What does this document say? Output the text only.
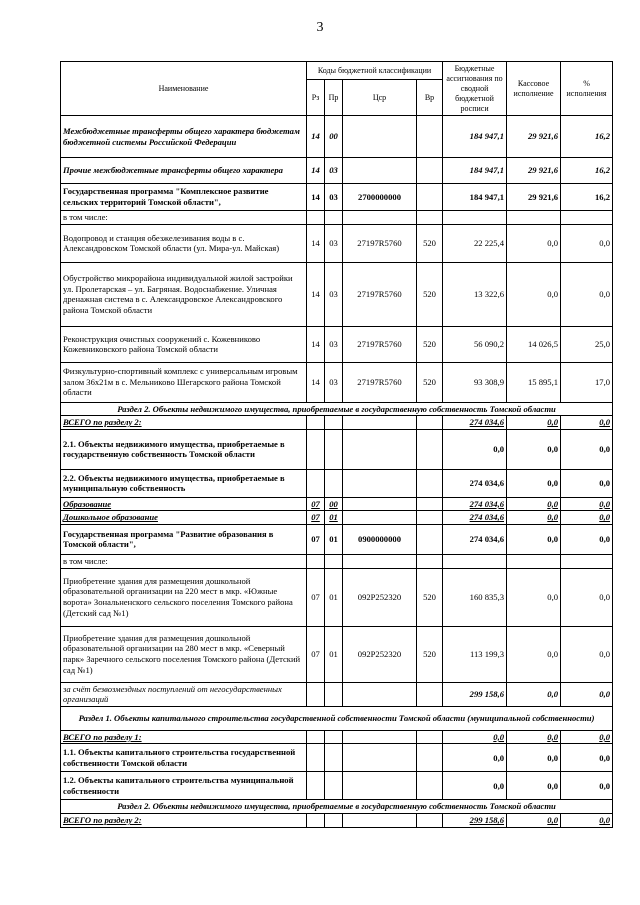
3
Наименование	Коды бюджетной классификации				Бюджетные ассигнования по сводной бюджетной росписи	Кассовое исполнение	% исполнения
	Рз	Пр	Цср	Вр			
Межбюджетные трансферты общего характера бюджетам бюджетной системы Российской Федерации	14	00			184 947,1	29 921,6	16,2
Прочие межбюджетные трансферты общего характера	14	03			184 947,1	29 921,6	16,2
Государственная программа "Комплексное развитие сельских территорий Томской области",	14	03	2700000000		184 947,1	29 921,6	16,2
в том числе:							
Водопровод и станция обезжелезивания воды в с. Александровском Томской области (ул. Мира-ул. Майская)	14	03	27197R5760	520	22 225,4	0,0	0,0
Обустройство микрорайона индивидуальной жилой застройки ул. Пролетарская – ул. Багряная. Водоснабжение. Уличная дренажная система в с. Александровское Александровского района Томской области	14	03	27197R5760	520	13 322,6	0,0	0,0
Реконструкция очистных сооружений с. Кожевниково Кожевниковского района Томской области	14	03	27197R5760	520	56 090,2	14 026,5	25,0
Физкультурно-спортивный комплекс с универсальным игровым залом 36х21м в с. Мельниково Шегарского района Томской области	14	03	27197R5760	520	93 308,9	15 895,1	17,0
Раздел 2. Объекты недвижимого имущества, приобретаемые в государственную собственность Томской области							
ВСЕГО по разделу 2:					274 034,6	0,0	0,0
2.1. Объекты недвижимого имущества, приобретаемые в государственную собственность Томской области					0,0	0,0	0,0
2.2. Объекты недвижимого имущества, приобретаемые в муниципальную собственность					274 034,6	0,0	0,0
Образование	07	00			274 034,6	0,0	0,0
Дошкольное образование	07	01			274 034,6	0,0	0,0
Государственная программа "Развитие образования в Томской области",	07	01	0900000000		274 034,6	0,0	0,0
в том числе:							
Приобретение здания для размещения дошкольной образовательной организации на 220 мест в мкр. «Южные ворота» Зональненского сельского поселения Томского района (Детский сад №1)	07	01	092P252320	520	160 835,3	0,0	0,0
Приобретение здания для размещения дошкольной образовательной организации на 280 мест в мкр. «Северный парк» Заречного сельского поселения Томского района (Детский сад №1)	07	01	092P252320	520	113 199,3	0,0	0,0
за счёт безвозмездных поступлений от негосударственных организаций					299 158,6	0,0	0,0
Раздел 1. Объекты капитального строительства государственной собственности Томской области (муниципальной собственности)							
ВСЕГО по разделу 1:					0,0	0,0	0,0
1.1. Объекты капитального строительства государственной собственности Томской области					0,0	0,0	0,0
1.2. Объекты капитального строительства муниципальной собственности					0,0	0,0	0,0
Раздел 2. Объекты недвижимого имущества, приобретаемые в государственную собственность Томской области							
ВСЕГО по разделу 2:					299 158,6	0,0	0,0
